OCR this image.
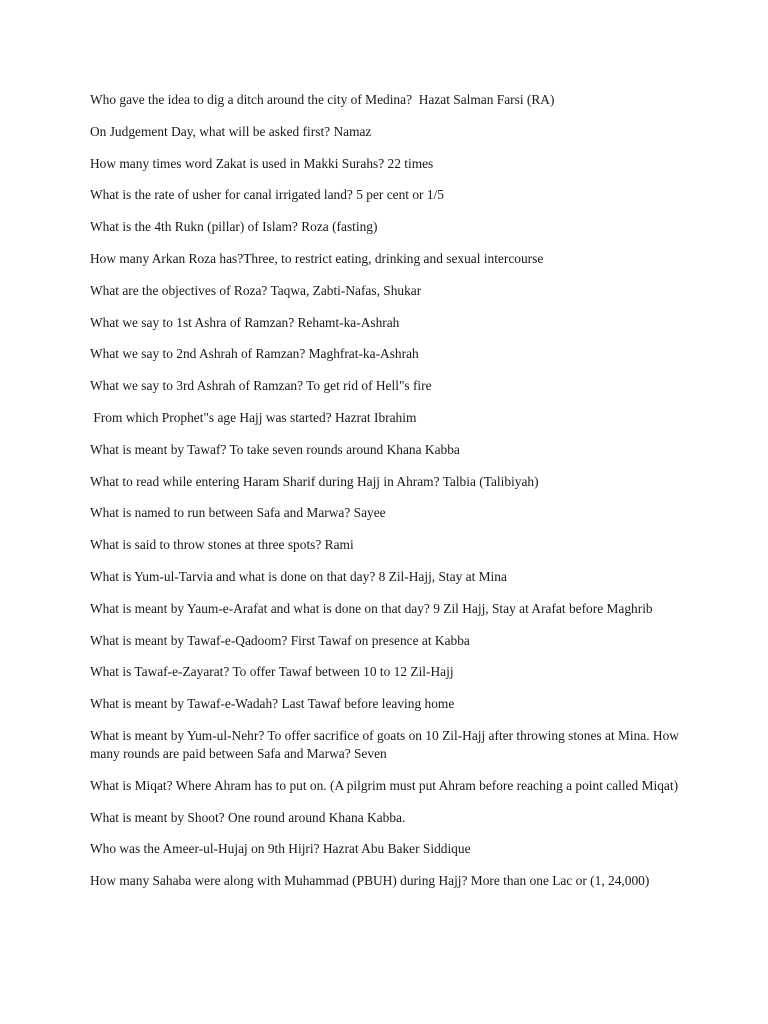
Who gave the idea to dig a ditch around the city of Medina?  Hazat Salman Farsi (RA)

On Judgement Day, what will be asked first? Namaz

How many times word Zakat is used in Makki Surahs? 22 times

What is the rate of usher for canal irrigated land? 5 per cent or 1/5

What is the 4th Rukn (pillar) of Islam? Roza (fasting)

How many Arkan Roza has?Three, to restrict eating, drinking and sexual intercourse

What are the objectives of Roza? Taqwa, Zabti-Nafas, Shukar

What we say to 1st Ashra of Ramzan? Rehamt-ka-Ashrah

What we say to 2nd Ashrah of Ramzan? Maghfrat-ka-Ashrah

What we say to 3rd Ashrah of Ramzan? To get rid of Hell"s fire

From which Prophet"s age Hajj was started? Hazrat Ibrahim

What is meant by Tawaf? To take seven rounds around Khana Kabba

What to read while entering Haram Sharif during Hajj in Ahram? Talbia (Talibiyah)

What is named to run between Safa and Marwa? Sayee

What is said to throw stones at three spots? Rami

What is Yum-ul-Tarvia and what is done on that day? 8 Zil-Hajj, Stay at Mina

What is meant by Yaum-e-Arafat and what is done on that day? 9 Zil Hajj, Stay at Arafat before Maghrib

What is meant by Tawaf-e-Qadoom? First Tawaf on presence at Kabba

What is Tawaf-e-Zayarat? To offer Tawaf between 10 to 12 Zil-Hajj

What is meant by Tawaf-e-Wadah? Last Tawaf before leaving home

What is meant by Yum-ul-Nehr? To offer sacrifice of goats on 10 Zil-Hajj after throwing stones at Mina. How many rounds are paid between Safa and Marwa? Seven

What is Miqat? Where Ahram has to put on. (A pilgrim must put Ahram before reaching a point called Miqat)

What is meant by Shoot? One round around Khana Kabba.

Who was the Ameer-ul-Hujaj on 9th Hijri? Hazrat Abu Baker Siddique

How many Sahaba were along with Muhammad (PBUH) during Hajj? More than one Lac or (1, 24,000)
